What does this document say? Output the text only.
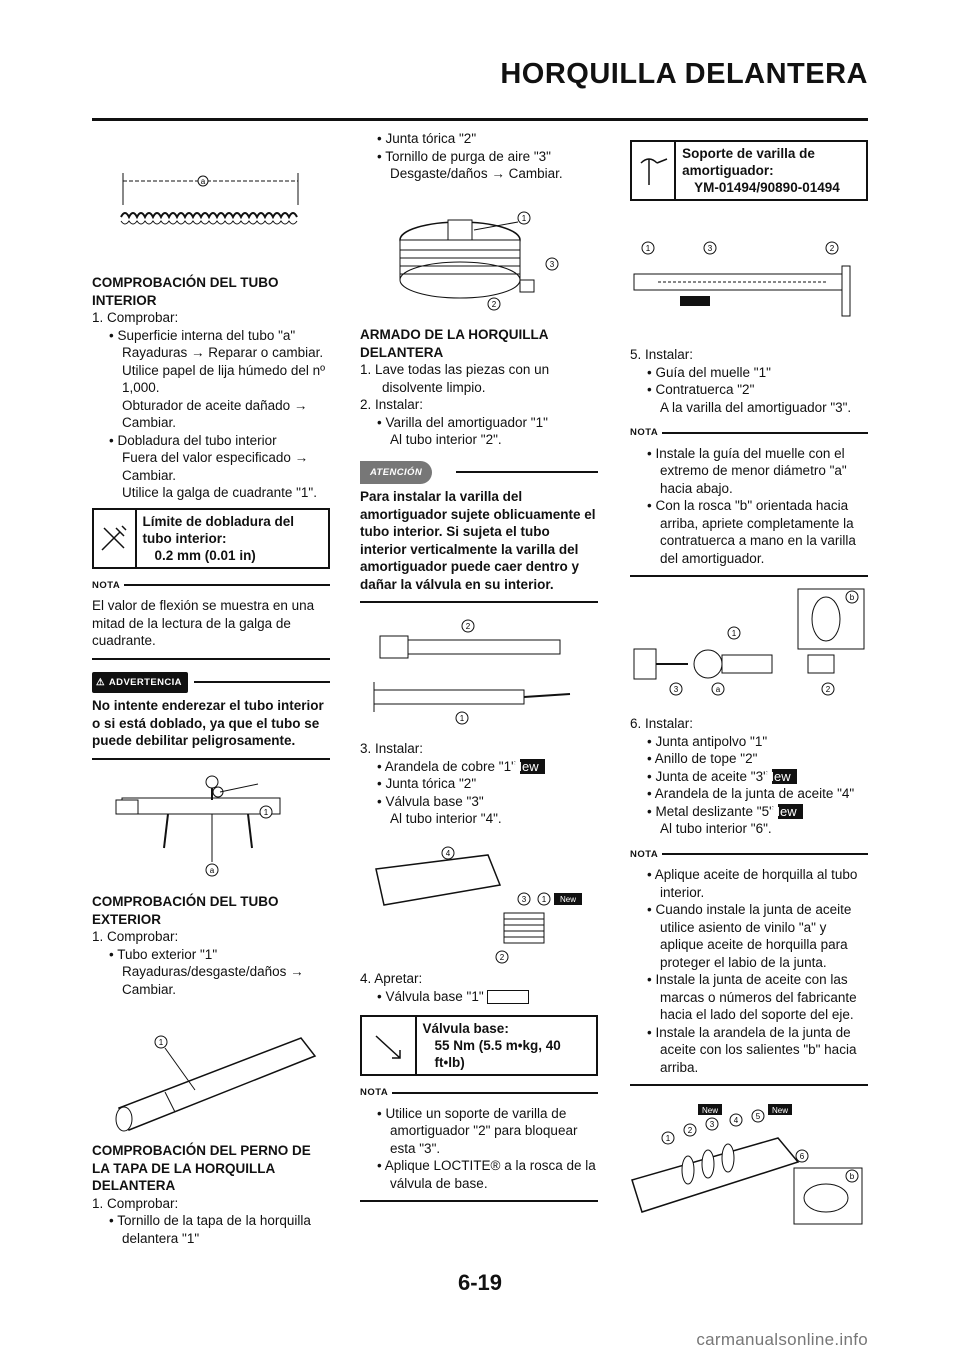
HORQUILLA DELANTERA
a
COMPROBACIÓN DEL TUBO INTERIOR
1. Comprobar:
• Superficie interna del tubo "a"
Rayaduras → Reparar o cambiar.
Utilice papel de lija húmedo del nº 1,000.
Obturador de aceite dañado → Cambiar.
• Dobladura del tubo interior
Fuera del valor especificado → Cambiar.
Utilice la galga de cuadrante "1".
Límite de dobladura del tubo interior:
0.2 mm (0.01 in)
NOTA
El valor de flexión se muestra en una mitad de la lectura de la galga de cuadrante.
⚠ ADVERTENCIA
No intente enderezar el tubo interior o si está doblado, ya que el tubo se puede debilitar peligrosamente.
1
a
COMPROBACIÓN DEL TUBO EXTERIOR
1. Comprobar:
• Tubo exterior "1"
Rayaduras/desgaste/daños → Cambiar.
1
COMPROBACIÓN DEL PERNO DE LA TAPA DE LA HORQUILLA DELANTERA
1. Comprobar:
• Tornillo de la tapa de la horquilla delantera "1"
• Junta tórica "2"
• Tornillo de purga de aire "3"
Desgaste/daños → Cambiar.
1
3
2
ARMADO DE LA HORQUILLA DELANTERA
1. Lave todas las piezas con un disolvente limpio.
2. Instalar:
• Varilla del amortiguador "1"
Al tubo interior "2".
ATENCIÓN
Para instalar la varilla del amortiguador sujete oblicuamente el tubo interior. Si sujeta el tubo interior verticalmente la varilla del amortiguador puede caer dentro y dañar la válvula en su interior.
2
1
3. Instalar:
• Arandela de cobre "1" New
• Junta tórica "2"
• Válvula base "3"
Al tubo interior "4".
4
3 1 New
2
4. Apretar:
• Válvula base "1"
Válvula base:
55 Nm (5.5 m•kg, 40 ft•lb)
NOTA
• Utilice un soporte de varilla de amortiguador "2" para bloquear esta "3".
• Aplique LOCTITE® a la rosca de la válvula de base.
Soporte de varilla de amortiguador:
YM-01494/90890-01494
1	3	2
5. Instalar:
• Guía del muelle "1"
• Contratuerca "2"
A la varilla del amortiguador "3".
NOTA
• Instale la guía del muelle con el extremo de menor diámetro "a" hacia abajo.
• Con la rosca "b" orientada hacia arriba, apriete completamente la contratuerca a mano en la varilla del amortiguador.
b
1
3	a	2
6. Instalar:
• Junta antipolvo "1"
• Anillo de tope "2"
• Junta de aceite "3" New
• Arandela de la junta de aceite "4"
• Metal deslizante "5" New
Al tubo interior "6".
NOTA
• Aplique aceite de horquilla al tubo interior.
• Cuando instale la junta de aceite utilice asiento de vinilo "a" y aplique aceite de horquilla para proteger el labio de la junta.
• Instale la junta de aceite con las marcas o números del fabricante hacia el lado del soporte del eje.
• Instale la arandela de la junta de aceite con los salientes "b" hacia arriba.
New	New
1
2
3 4 5
6
b
6-19
carmanualsonline.info
